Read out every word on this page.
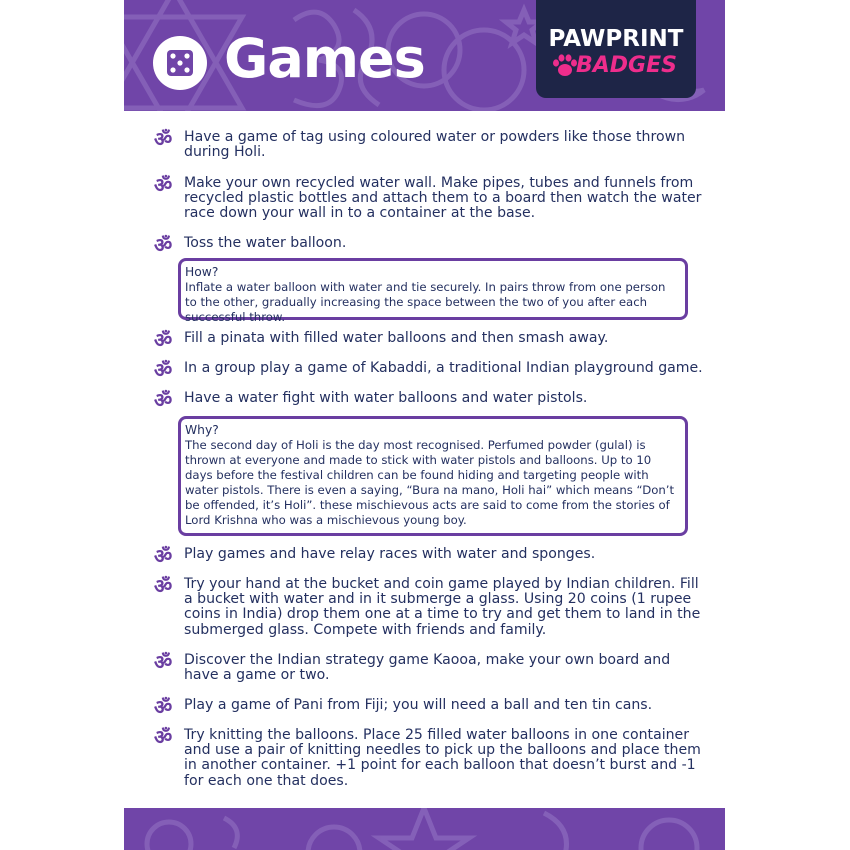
Games	PAWPRINT
BADGES
ॐ Have a game of tag using coloured water or powders like those thrown during Holi.
ॐ Make your own recycled water wall. Make pipes, tubes and funnels from recycled plastic bottles and attach them to a board then watch the water race down your wall in to a container at the base.
ॐ Toss the water balloon.
How?
Inflate a water balloon with water and tie securely. In pairs throw from one person to the other, gradually increasing the space between the two of you after each successful throw.
ॐ Fill a pinata with filled water balloons and then smash away.
ॐ In a group play a game of Kabaddi, a traditional Indian playground game.
ॐ Have a water fight with water balloons and water pistols.
Why?
The second day of Holi is the day most recognised. Perfumed powder (gulal) is thrown at everyone and made to stick with water pistols and balloons. Up to 10 days before the festival children can be found hiding and targeting people with water pistols. There is even a saying, “Bura na mano, Holi hai” which means “Don’t be offended, it’s Holi”. these mischievous acts are said to come from the stories of Lord Krishna who was a mischievous young boy.
ॐ Play games and have relay races with water and sponges.
ॐ Try your hand at the bucket and coin game played by Indian children. Fill a bucket with water and in it submerge a glass. Using 20 coins (1 rupee coins in India) drop them one at a time to try and get them to land in the submerged glass. Compete with friends and family.
ॐ Discover the Indian strategy game Kaooa, make your own board and have a game or two.
ॐ Play a game of Pani from Fiji; you will need a ball and ten tin cans.
ॐ Try knitting the balloons. Place 25 filled water balloons in one container and use a pair of knitting needles to pick up the balloons and place them in another container. +1 point for each balloon that doesn’t burst and -1 for each one that does.
